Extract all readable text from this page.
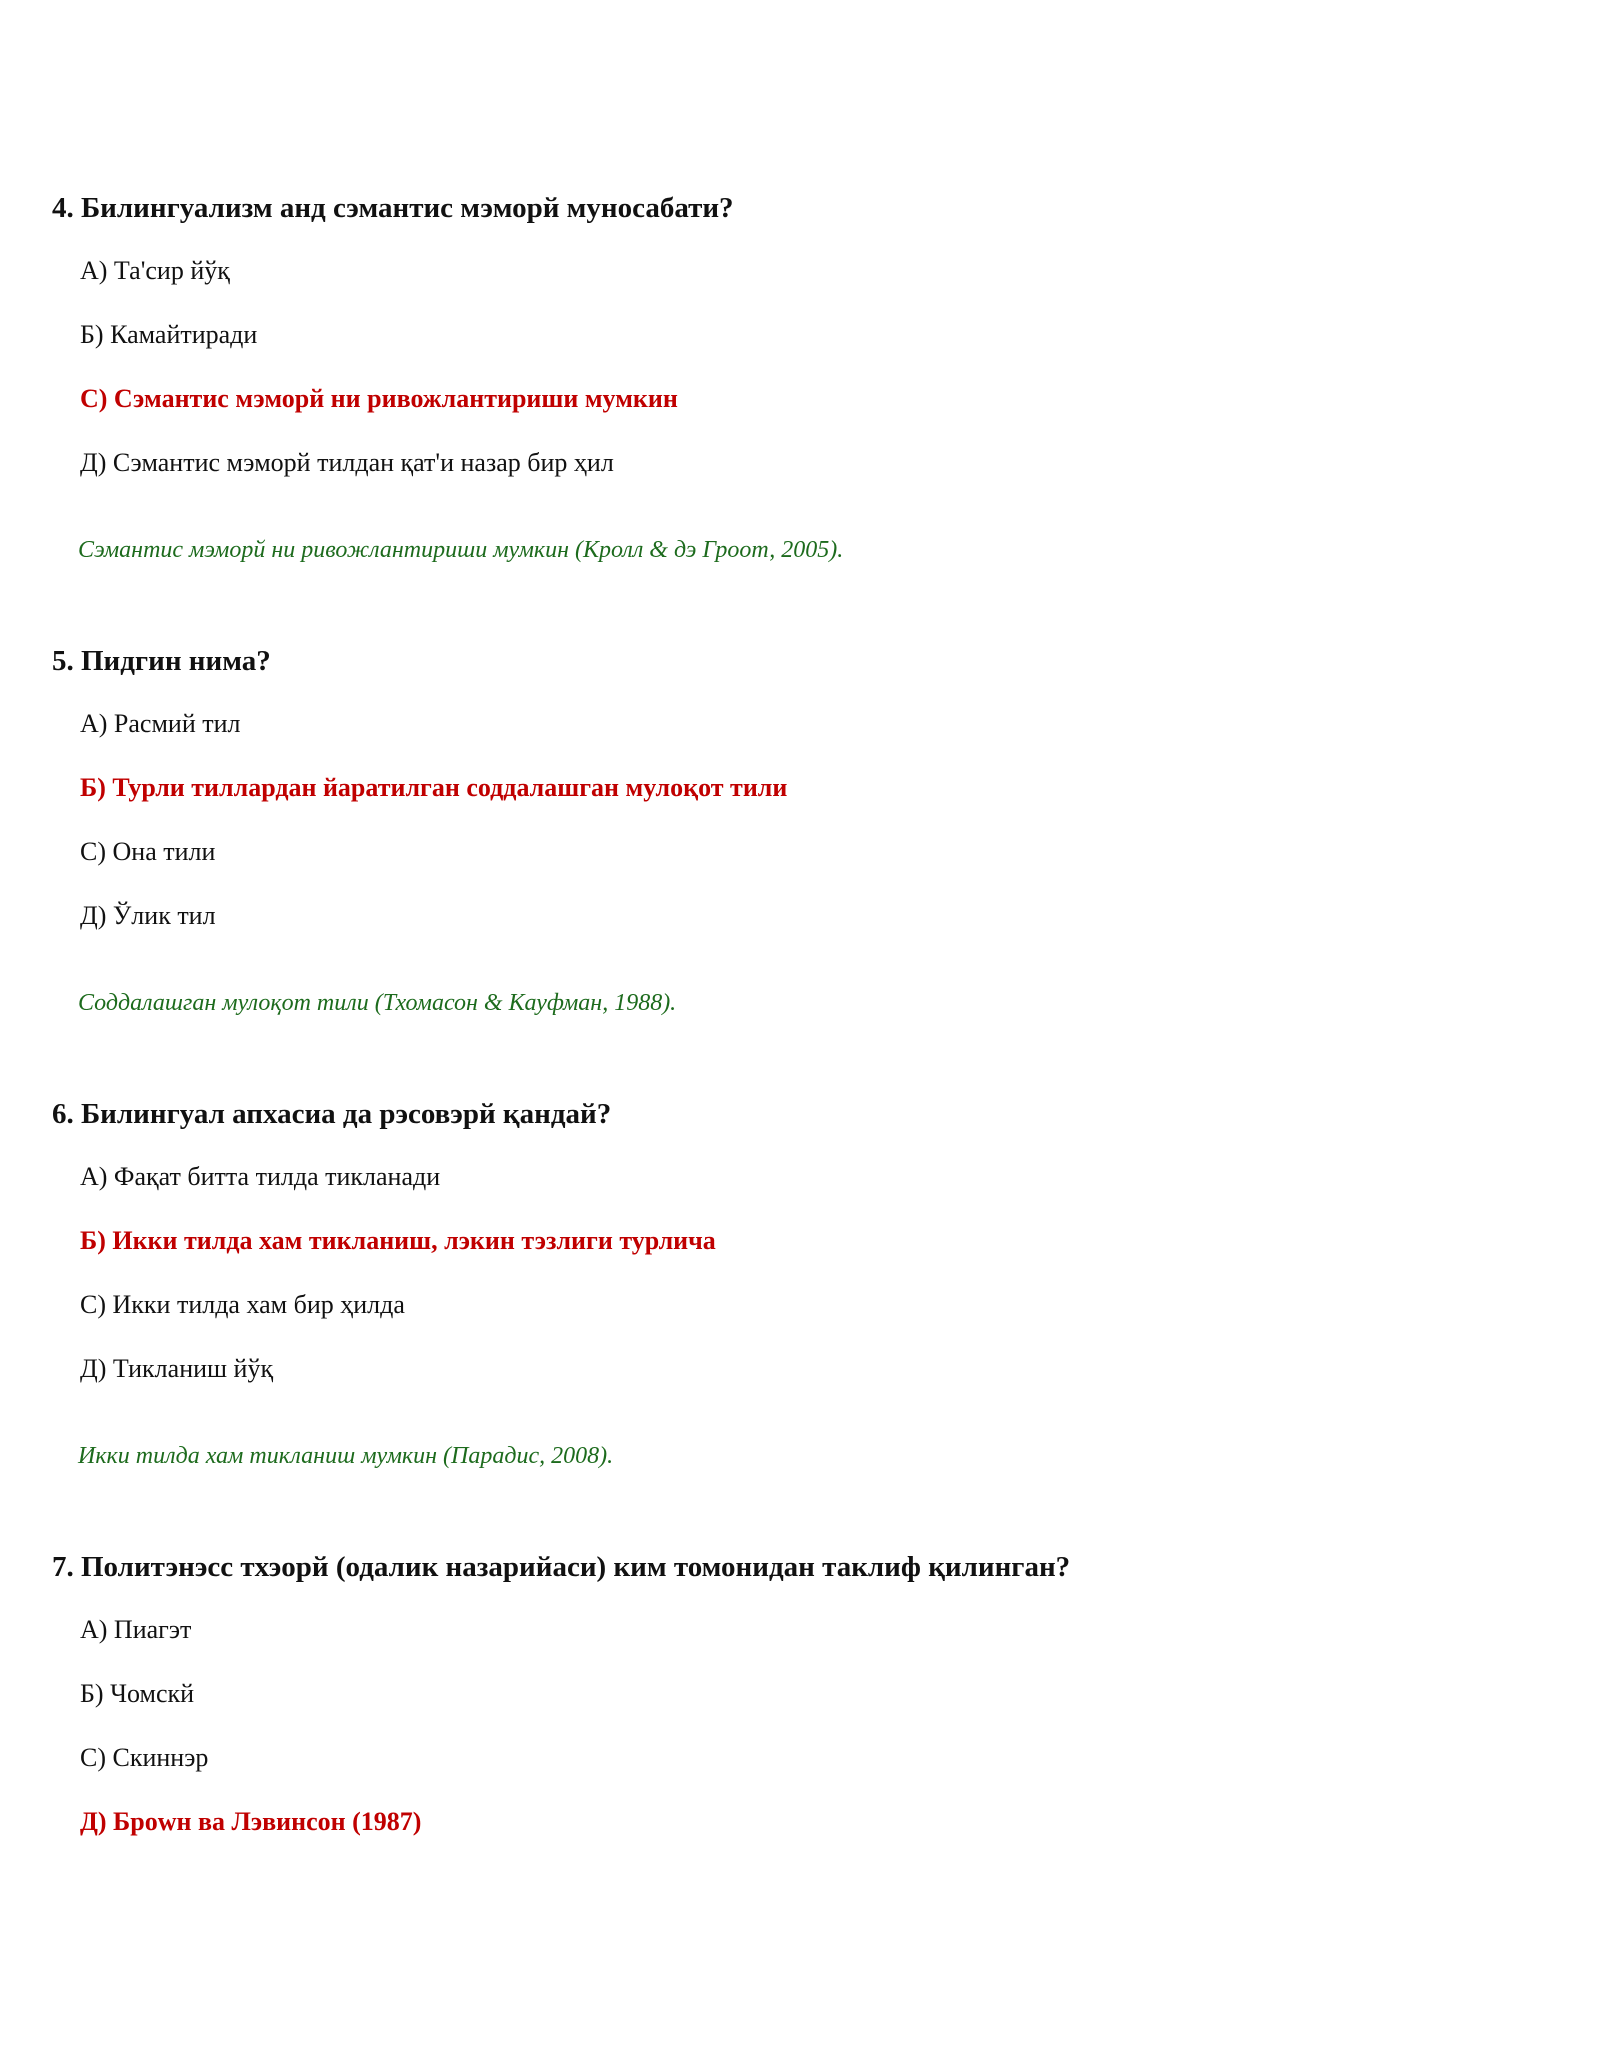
4. Билингуализм анд сэмантис мэморй муносабати?
А) Та'сир йўқ
Б) Камайтиради
С) Сэмантис мэморй ни ривожлантириши мумкин
Д) Сэмантис мэморй тилдан қат'и назар бир ҳил

Сэмантис мэморй ни ривожлантириши мумкин (Кролл & дэ Гроот, 2005).

5. Пидгин нима?
А) Расмий тил
Б) Турли тиллардан йаратилган соддалашган мулоқот тили
С) Она тили
Д) Ўлик тил

Соддалашган мулоқот тили (Тхомасон & Кауфман, 1988).

6. Билингуал апхасиа да рэсовэрй қандай?
А) Фақат битта тилда тикланади
Б) Икки тилда хам тикланиш, лэкин тэзлиги турлича
С) Икки тилда хам бир ҳилда
Д) Тикланиш йўқ

Икки тилда хам тикланиш мумкин (Парадис, 2008).

7. Политэнэсс тхэорй (одалик назарийаси) ким томонидан таклиф қилинган?
А) Пиагэт
Б) Чомскй
С) Скиннэр
Д) Броwн ва Лэвинсон (1987)
